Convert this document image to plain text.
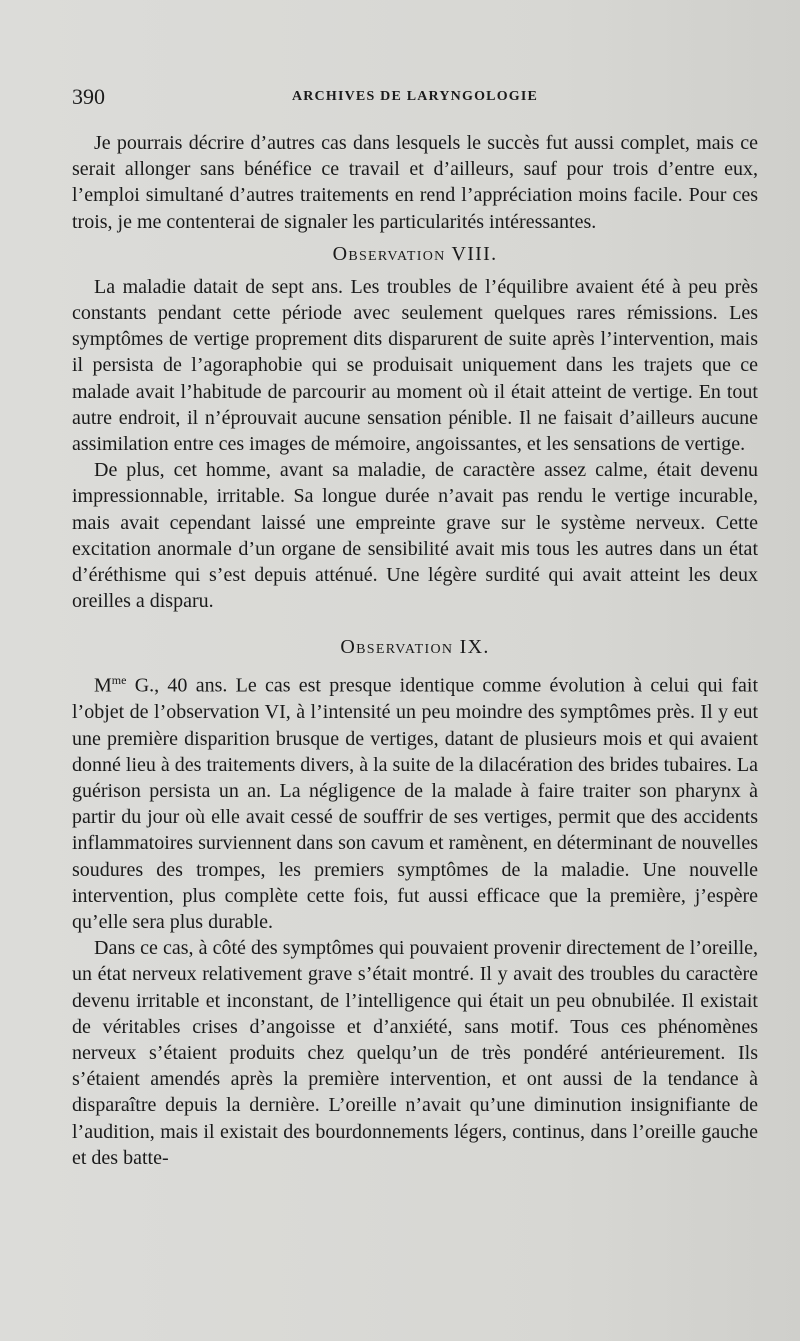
390	ARCHIVES DE LARYNGOLOGIE

Je pourrais décrire d’autres cas dans lesquels le succès fut aussi complet, mais ce serait allonger sans bénéfice ce travail et d’ailleurs, sauf pour trois d’entre eux, l’emploi simultané d’autres traitements en rend l’appréciation moins facile. Pour ces trois, je me contenterai de signaler les particularités intéressantes.

Observation VIII.

La maladie datait de sept ans. Les troubles de l’équilibre avaient été à peu près constants pendant cette période avec seulement quelques rares rémissions. Les symptômes de vertige proprement dits disparurent de suite après l’intervention, mais il persista de l’agoraphobie qui se produisait uniquement dans les trajets que ce malade avait l’habitude de parcourir au moment où il était atteint de vertige. En tout autre endroit, il n’éprouvait aucune sensation pénible. Il ne faisait d’ailleurs aucune assimilation entre ces images de mémoire, angoissantes, et les sensations de vertige.

De plus, cet homme, avant sa maladie, de caractère assez calme, était devenu impressionnable, irritable. Sa longue durée n’avait pas rendu le vertige incurable, mais avait cependant laissé une empreinte grave sur le système nerveux. Cette excitation anormale d’un organe de sensibilité avait mis tous les autres dans un état d’éréthisme qui s’est depuis atténué. Une légère surdité qui avait atteint les deux oreilles a disparu.

Observation IX.

$M^{me}$ G., 40 ans. Le cas est presque identique comme évolution à celui qui fait l’objet de l’observation VI, à l’intensité un peu moindre des symptômes près. Il y eut une première disparition brusque de vertiges, datant de plusieurs mois et qui avaient donné lieu à des traitements divers, à la suite de la dilacération des brides tubaires. La guérison persista un an. La négligence de la malade à faire traiter son pharynx à partir du jour où elle avait cessé de souffrir de ses vertiges, permit que des accidents inflammatoires surviennent dans son cavum et ramènent, en déterminant de nouvelles soudures des trompes, les premiers symptômes de la maladie. Une nouvelle intervention, plus complète cette fois, fut aussi efficace que la première, j’espère qu’elle sera plus durable.

Dans ce cas, à côté des symptômes qui pouvaient provenir directement de l’oreille, un état nerveux relativement grave s’était montré. Il y avait des troubles du caractère devenu irritable et inconstant, de l’intelligence qui était un peu obnubilée. Il existait de véritables crises d’angoisse et d’anxiété, sans motif. Tous ces phénomènes nerveux s’étaient produits chez quelqu’un de très pondéré antérieurement. Ils s’étaient amendés après la première intervention, et ont aussi de la tendance à disparaître depuis la dernière. L’oreille n’avait qu’une diminution insignifiante de l’audition, mais il existait des bourdonnements légers, continus, dans l’oreille gauche et des batte-
